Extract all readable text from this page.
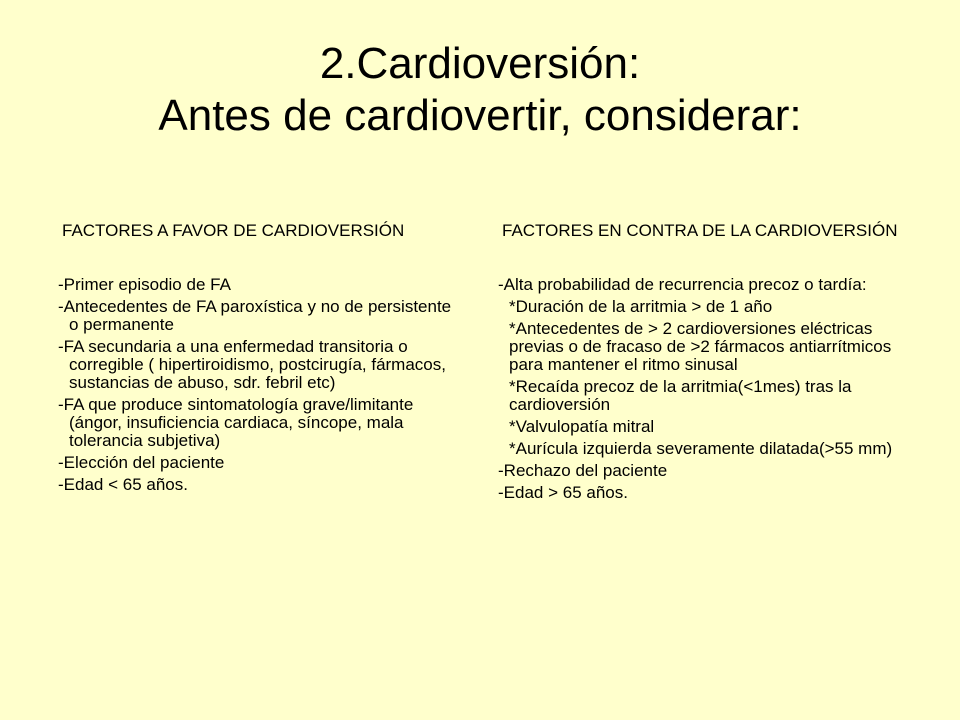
2.Cardioversión:
Antes de cardiovertir, considerar:
FACTORES A FAVOR DE CARDIOVERSIÓN
-Primer episodio de FA
-Antecedentes de FA paroxística y no de persistente o permanente
-FA secundaria a una enfermedad transitoria o corregible ( hipertiroidismo, postcirugía, fármacos, sustancias de abuso, sdr. febril etc)
-FA que produce sintomatología grave/limitante (ángor, insuficiencia cardiaca, síncope, mala tolerancia subjetiva)
-Elección del paciente
-Edad < 65 años.
FACTORES EN CONTRA DE LA CARDIOVERSIÓN
-Alta probabilidad de recurrencia precoz o tardía:
*Duración de la arritmia > de 1 año
*Antecedentes de > 2 cardioversiones eléctricas previas o de fracaso de >2 fármacos antiarrítmicos para mantener el ritmo sinusal
*Recaída precoz de la arritmia(<1mes) tras la cardioversión
*Valvulopatía mitral
*Aurícula izquierda severamente dilatada(>55 mm)
-Rechazo del paciente
-Edad > 65 años.
